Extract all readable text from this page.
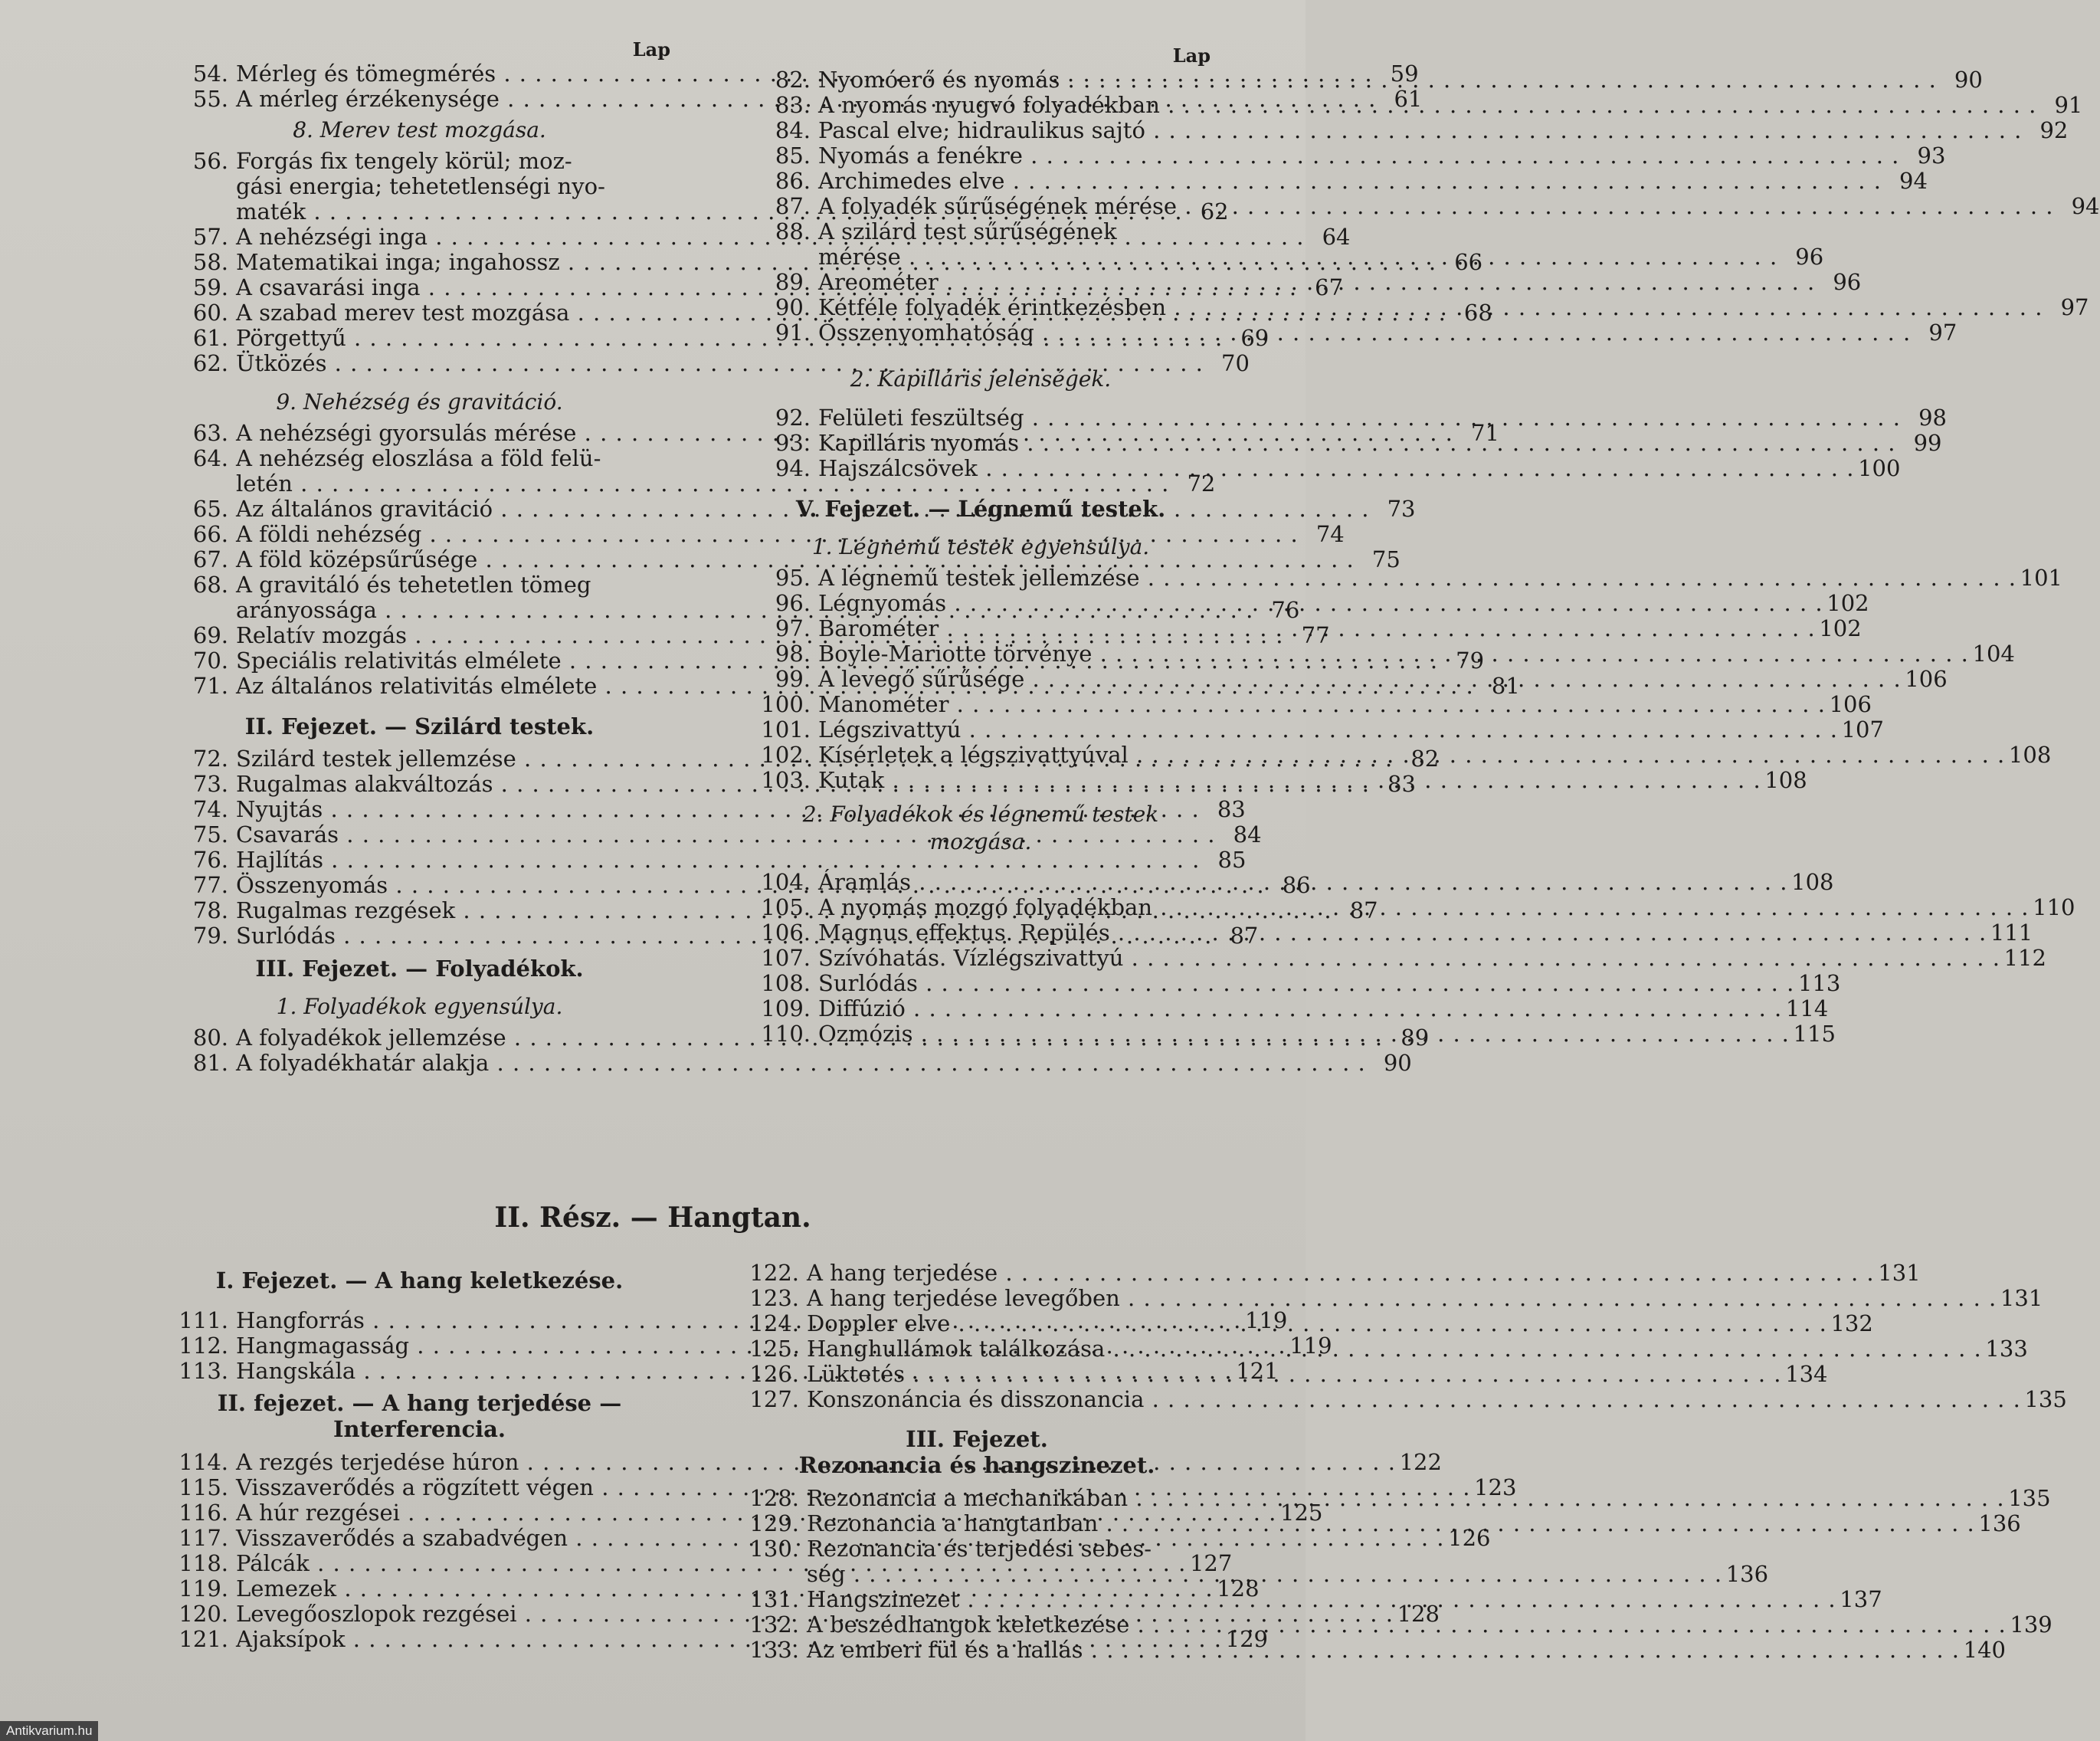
Lap
54. Mérleg és tömegmérés . . .	59
55. A mérleg érzékenysége . . .	61
8. Merev test mozgása.
56. Forgás fix tengely körül; moz-
gási energia; tehetetlenségi nyo-
maték . . .	62
57. A nehézségi inga . . .	64
58. Matematikai inga; ingahossz . . .	66
59. A csavarási inga . . .	67
60. A szabad merev test mozgása . . .	68
61. Pörgettyű . . .	69
62. Ütközés . . .	70
9. Nehézség és gravitáció.
63. A nehézségi gyorsulás mérése . . .	71
64. A nehézség eloszlása a föld felü-
letén . . .	72
65. Az általános gravitáció . . .	73
66. A földi nehézség . . .	74
67. A föld középsűrűsége . . .	75
68. A gravitáló és tehetetlen tömeg
arányossága . . .	76
69. Relatív mozgás . . .	77
70. Speciális relativitás elmélete . . .	79
71. Az általános relativitás elmélete . . .	81
II. Fejezet. — Szilárd testek.
72. Szilárd testek jellemzése . . .	82
73. Rugalmas alakváltozás . . .	83
74. Nyujtás . . .	83
75. Csavarás . . .	84
76. Hajlítás . . .	85
77. Összenyomás . . .	86
78. Rugalmas rezgések . . .	87
79. Surlódás . . .	87
III. Fejezet. — Folyadékok.
1. Folyadékok egyensúlya.
80. A folyadékok jellemzése . . .	89
81. A folyadékhatár alakja . . .	90
Lap
82. Nyomóerő és nyomás . . .	90
83. A nyomás nyugvó folyadékban . . .	91
84. Pascal elve; hidraulikus sajtó . . .	92
85. Nyomás a fenékre . . .	93
86. Archimedes elve . . .	94
87. A folyadék sűrűségének mérése . . .	94
88. A szilárd test sűrűségének
mérése . . .	96
89. Areométer . . .	96
90. Kétféle folyadék érintkezésben . . .	97
91. Összenyomhatóság . . .	97
2. Kapilláris jelenségek.
92. Felületi feszültség . . .	98
93. Kapilláris nyomás . . .	99
94. Hajszálcsövek . . .	100
V. Fejezet. — Légnemű testek.
1. Légnemű testek egyensúlya.
95. A légnemű testek jellemzése . . .	101
96. Légnyomás . . .	102
97. Barométer . . .	102
98. Boyle-Mariotte törvénye . . .	104
99. A levegő sűrűsége . . .	106
100. Manométer . . .	106
101. Légszivattyú . . .	107
102. Kísérletek a légszivattyúval . . .	108
103. Kutak . . .	108
2. Folyadékok és légnemű testek
mozgása.
104. Áramlás . . .	108
105. A nyomás mozgó folyadékban . . .	110
106. Magnus effektus. Repülés . . .	111
107. Szívóhatás. Vízlégszivattyú . . .	112
108. Surlódás . . .	113
109. Diffúzió . . .	114
110. Ozmózis . . .	115
II. Rész. — Hangtan.
I. Fejezet. — A hang keletkezése.
111. Hangforrás . . .	119
112. Hangmagasság . . .	119
113. Hangskála . . .	121
II. fejezet. — A hang terjedése —
Interferencia.
114. A rezgés terjedése húron . . .	122
115. Visszaverődés a rögzített végen . . .	123
116. A húr rezgései . . .	125
117. Visszaverődés a szabadvégen . . .	126
118. Pálcák . . .	127
119. Lemezek . . .	128
120. Levegőoszlopok rezgései . . .	128
121. Ajaksípok . . .	129
122. A hang terjedése . . .	131
123. A hang terjedése levegőben . . .	131
124. Doppler elve . . .	132
125. Hanghullámok találkozása . . .	133
126. Lüktetés . . .	134
127. Konszonáncia és disszonancia . . .	135
III. Fejezet.
Rezonancia és hangszinezet.
128. Rezonancia a mechanikában . . .	135
129. Rezonancia a hangtanban . . .	136
130. Rezonancia és terjedési sebes-
ség . . .	136
131. Hangszinezet . . .	137
132. A beszédhangok keletkezése . . .	139
133. Az emberi fül és a hallás . . .	140
Antikvarium.hu
